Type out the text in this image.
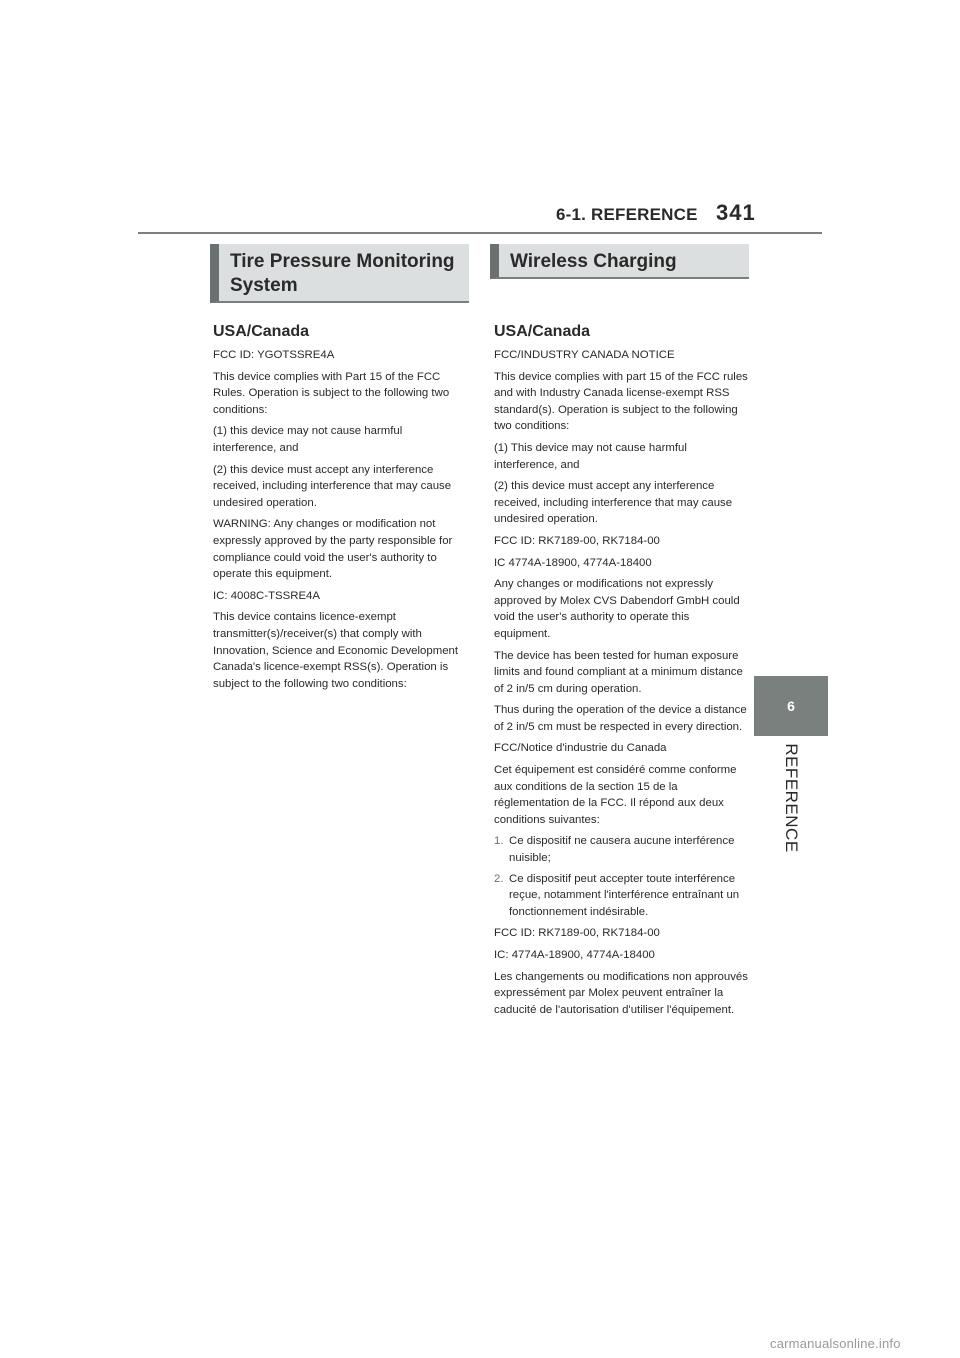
6-1. REFERENCE 341
6
REFERENCE
Tire Pressure Monitoring System
Wireless Charging
USA/Canada

FCC ID: YGOTSSRE4A

This device complies with Part 15 of the FCC Rules. Operation is subject to the following two conditions:

(1) this device may not cause harmful interference, and

(2) this device must accept any interference received, including interference that may cause undesired operation.

WARNING: Any changes or modification not expressly approved by the party responsible for compliance could void the user's authority to operate this equipment.

IC: 4008C-TSSRE4A

This device contains licence-exempt transmitter(s)/receiver(s) that comply with Innovation, Science and Economic Development Canada's licence-exempt RSS(s). Operation is subject to the following two conditions:

USA/Canada

FCC/INDUSTRY CANADA NOTICE

This device complies with part 15 of the FCC rules and with Industry Canada license-exempt RSS standard(s). Operation is subject to the following two conditions:

(1) This device may not cause harmful interference, and

(2) this device must accept any interference received, including interference that may cause undesired operation.

FCC ID: RK7189-00, RK7184-00

IC 4774A-18900, 4774A-18400

Any changes or modifications not expressly approved by Molex CVS Dabendorf GmbH could void the user's authority to operate this equipment.

The device has been tested for human exposure limits and found compliant at a minimum distance of 2 in/5 cm during operation.

Thus during the operation of the device a distance of 2 in/5 cm must be respected in every direction.

FCC/Notice d'industrie du Canada

Cet équipement est considéré comme conforme aux conditions de la section 15 de la réglementation de la FCC. Il répond aux deux conditions suivantes:

1. Ce dispositif ne causera aucune interférence nuisible;
2. Ce dispositif peut accepter toute interférence reçue, notamment l'interférence entraînant un fonctionnement indésirable.

FCC ID: RK7189-00, RK7184-00

IC: 4774A-18900, 4774A-18400

Les changements ou modifications non approuvés expressément par Molex peuvent entraîner la caducité de l'autorisation d'utiliser l'équipement.

carmanualsonline.info
